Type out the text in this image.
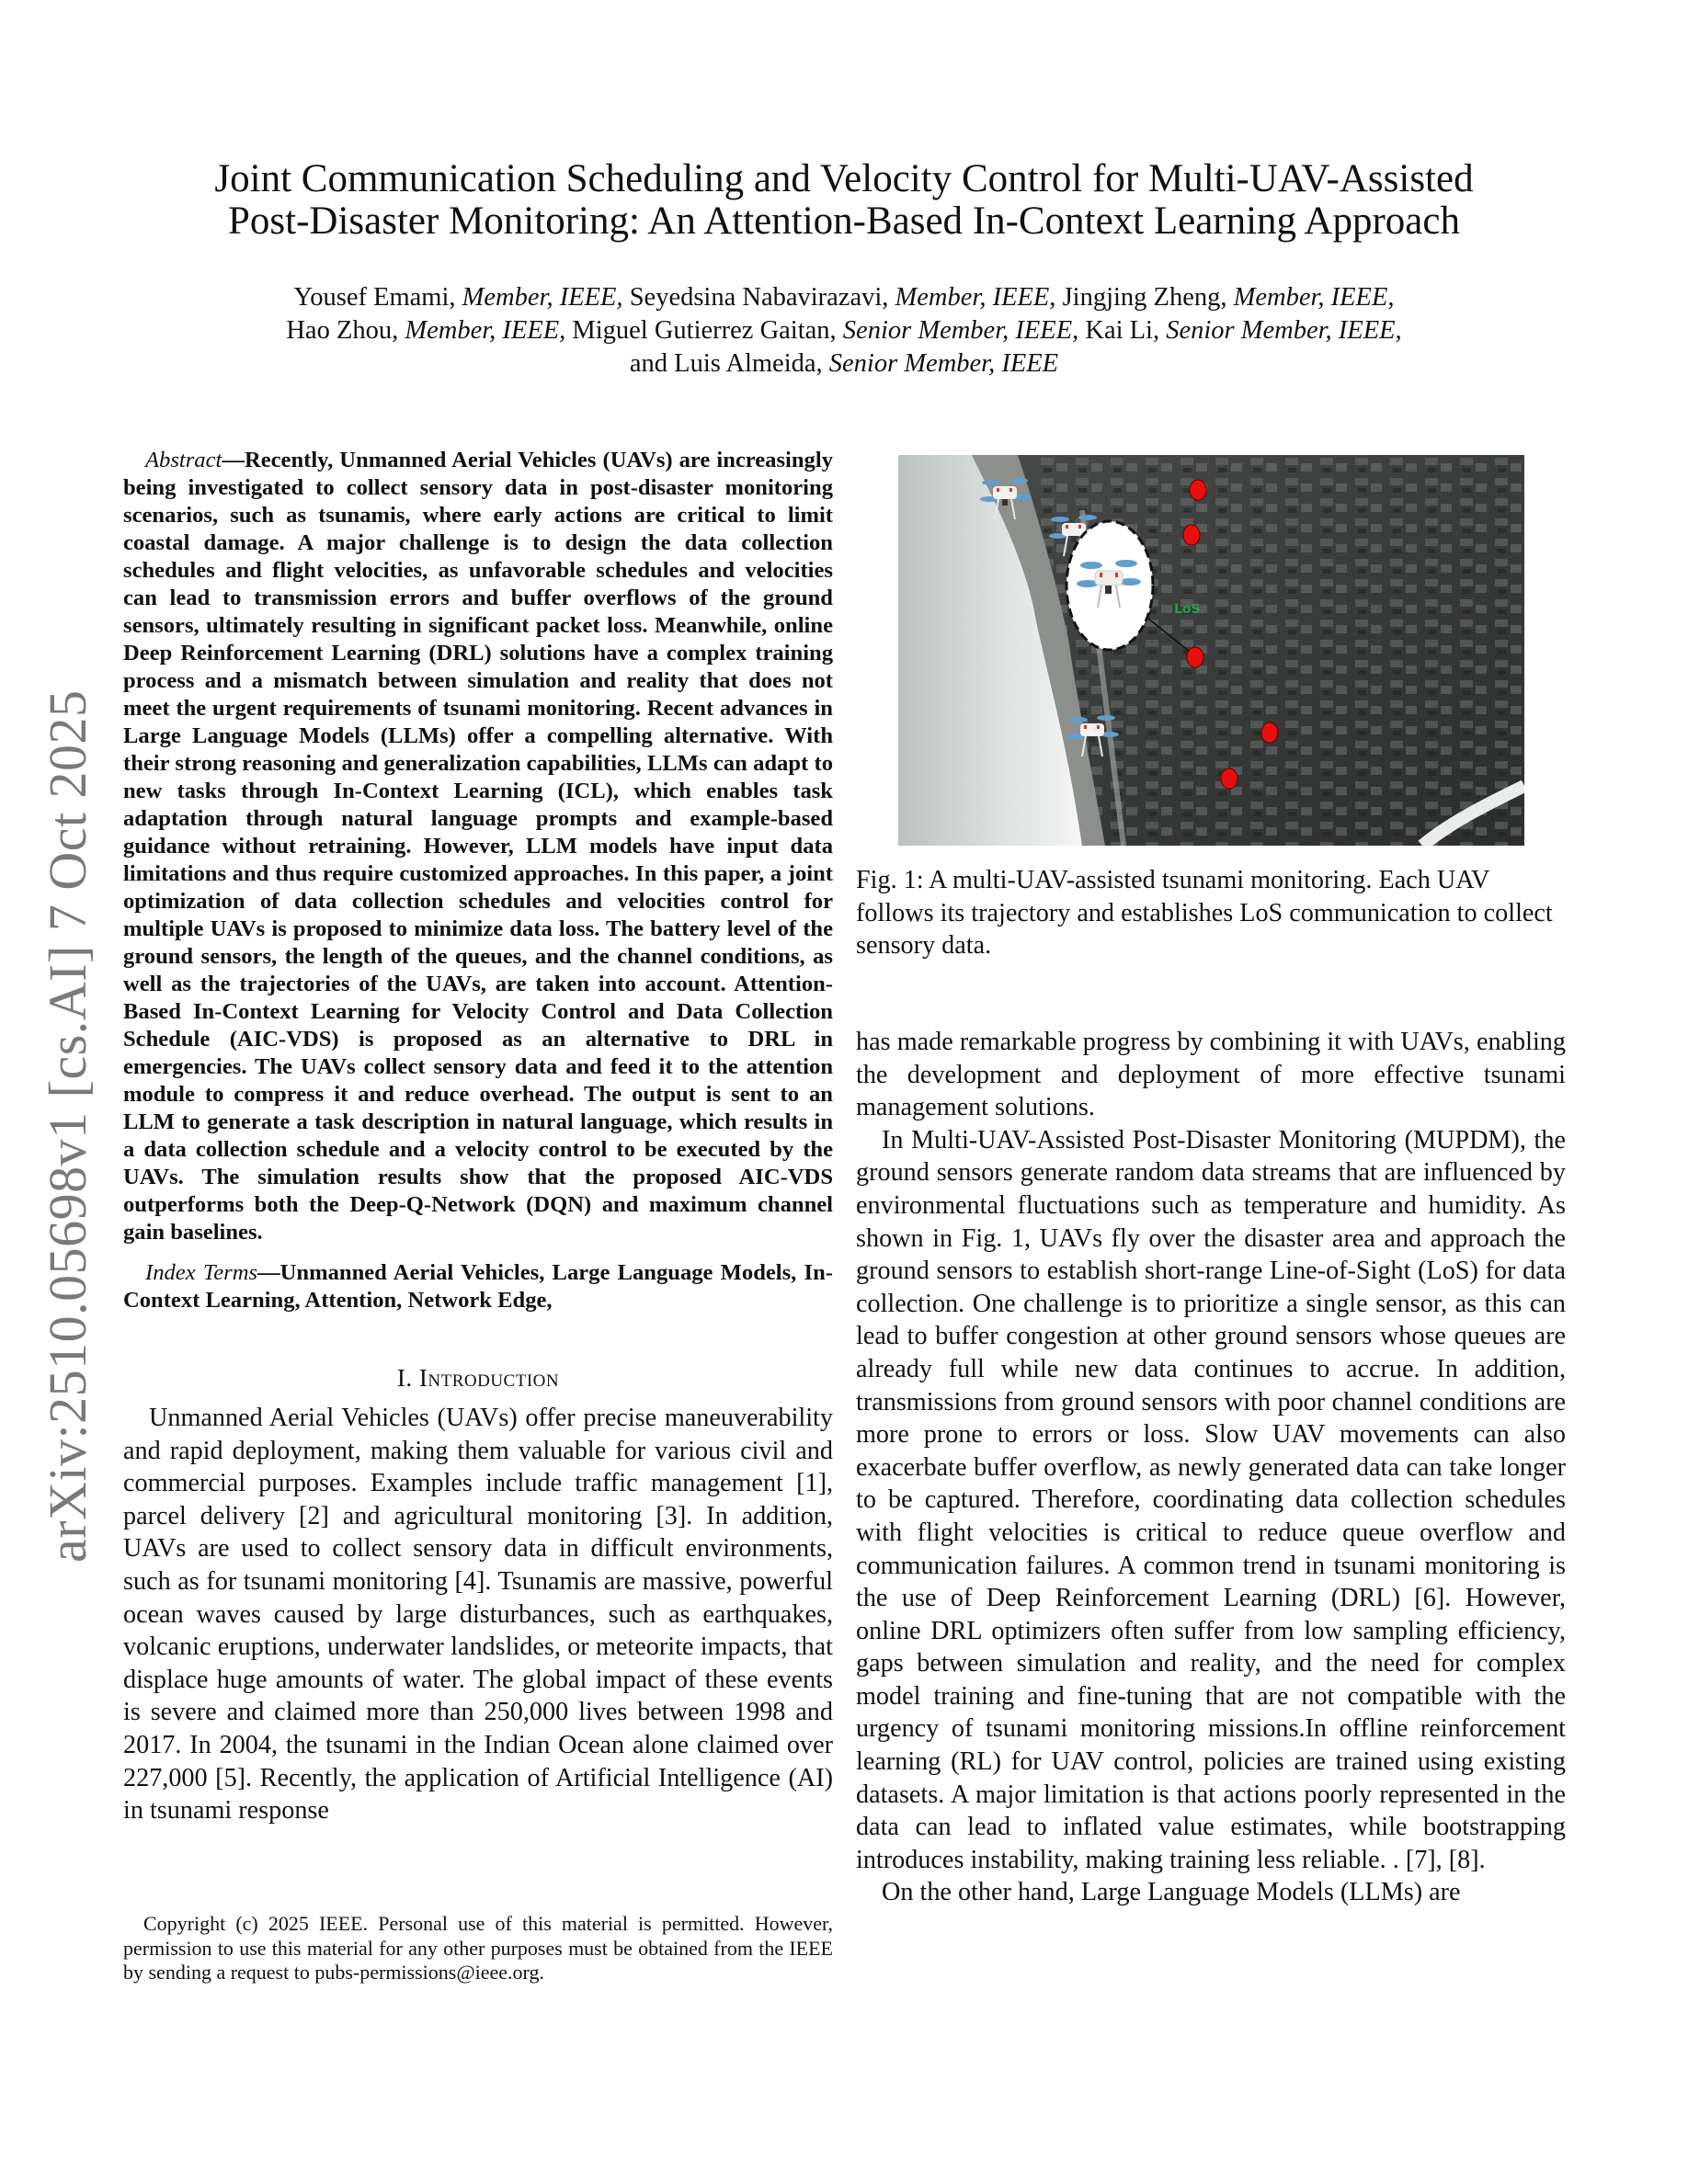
arXiv:2510.05698v1 [cs.AI] 7 Oct 2025
Joint Communication Scheduling and Velocity Control for Multi-UAV-Assisted
Post-Disaster Monitoring: An Attention-Based In-Context Learning Approach
Yousef Emami, Member, IEEE, Seyedsina Nabavirazavi, Member, IEEE, Jingjing Zheng, Member, IEEE,
Hao Zhou, Member, IEEE, Miguel Gutierrez Gaitan, Senior Member, IEEE, Kai Li, Senior Member, IEEE,
and Luis Almeida, Senior Member, IEEE

Abstract—Recently, Unmanned Aerial Vehicles (UAVs) are increasingly being investigated to collect sensory data in post-disaster monitoring scenarios, such as tsunamis, where early actions are critical to limit coastal damage. A major challenge is to design the data collection schedules and flight velocities, as unfavorable schedules and velocities can lead to transmission errors and buffer overflows of the ground sensors, ultimately resulting in significant packet loss. Meanwhile, online Deep Reinforcement Learning (DRL) solutions have a complex training process and a mismatch between simulation and reality that does not meet the urgent requirements of tsunami monitoring. Recent advances in Large Language Models (LLMs) offer a compelling alternative. With their strong reasoning and generalization capabilities, LLMs can adapt to new tasks through In-Context Learning (ICL), which enables task adaptation through natural language prompts and example-based guidance without retraining. However, LLM models have input data limitations and thus require customized approaches. In this paper, a joint optimization of data collection schedules and velocities control for multiple UAVs is proposed to minimize data loss. The battery level of the ground sensors, the length of the queues, and the channel conditions, as well as the trajectories of the UAVs, are taken into account. Attention-Based In-Context Learning for Velocity Control and Data Collection Schedule (AIC-VDS) is proposed as an alternative to DRL in emergencies. The UAVs collect sensory data and feed it to the attention module to compress it and reduce overhead. The output is sent to an LLM to generate a task description in natural language, which results in a data collection schedule and a velocity control to be executed by the UAVs. The simulation results show that the proposed AIC-VDS outperforms both the Deep-Q-Network (DQN) and maximum channel gain baselines.

Index Terms—Unmanned Aerial Vehicles, Large Language Models, In-Context Learning, Attention, Network Edge,

I. Introduction

Unmanned Aerial Vehicles (UAVs) offer precise maneuverability and rapid deployment, making them valuable for various civil and commercial purposes. Examples include traffic management [1], parcel delivery [2] and agricultural monitoring [3]. In addition, UAVs are used to collect sensory data in difficult environments, such as for tsunami monitoring [4]. Tsunamis are massive, powerful ocean waves caused by large disturbances, such as earthquakes, volcanic eruptions, underwater landslides, or meteorite impacts, that displace huge amounts of water. The global impact of these events is severe and claimed more than 250,000 lives between 1998 and 2017. In 2004, the tsunami in the Indian Ocean alone claimed over 227,000 [5]. Recently, the application of Artificial Intelligence (AI) in tsunami response

Copyright (c) 2025 IEEE. Personal use of this material is permitted. However, permission to use this material for any other purposes must be obtained from the IEEE by sending a request to pubs-permissions@ieee.org.
LoS
Fig. 1: A multi-UAV-assisted tsunami monitoring. Each UAV follows its trajectory and establishes LoS communication to collect sensory data.

has made remarkable progress by combining it with UAVs, enabling the development and deployment of more effective tsunami management solutions.

In Multi-UAV-Assisted Post-Disaster Monitoring (MUPDM), the ground sensors generate random data streams that are influenced by environmental fluctuations such as temperature and humidity. As shown in Fig. 1, UAVs fly over the disaster area and approach the ground sensors to establish short-range Line-of-Sight (LoS) for data collection. One challenge is to prioritize a single sensor, as this can lead to buffer congestion at other ground sensors whose queues are already full while new data continues to accrue. In addition, transmissions from ground sensors with poor channel conditions are more prone to errors or loss. Slow UAV movements can also exacerbate buffer overflow, as newly generated data can take longer to be captured. Therefore, coordinating data collection schedules with flight velocities is critical to reduce queue overflow and communication failures. A common trend in tsunami monitoring is the use of Deep Reinforcement Learning (DRL) [6]. However, online DRL optimizers often suffer from low sampling efficiency, gaps between simulation and reality, and the need for complex model training and fine-tuning that are not compatible with the urgency of tsunami monitoring missions.In offline reinforcement learning (RL) for UAV control, policies are trained using existing datasets. A major limitation is that actions poorly represented in the data can lead to inflated value estimates, while bootstrapping introduces instability, making training less reliable. . [7], [8].

On the other hand, Large Language Models (LLMs) are
